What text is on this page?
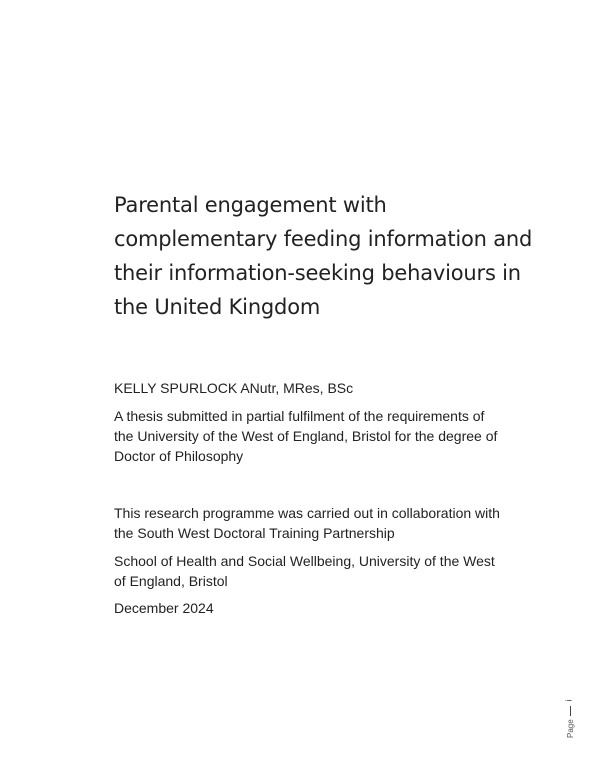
Parental engagement with
complementary feeding information and
their information-seeking behaviours in
the United Kingdom

KELLY SPURLOCK ANutr, MRes, BSc

A thesis submitted in partial fulfilment of the requirements of
the University of the West of England, Bristol for the degree of
Doctor of Philosophy

This research programme was carried out in collaboration with
the South West Doctoral Training Partnership

School of Health and Social Wellbeing, University of the West
of England, Bristol

December 2024

Page
i
